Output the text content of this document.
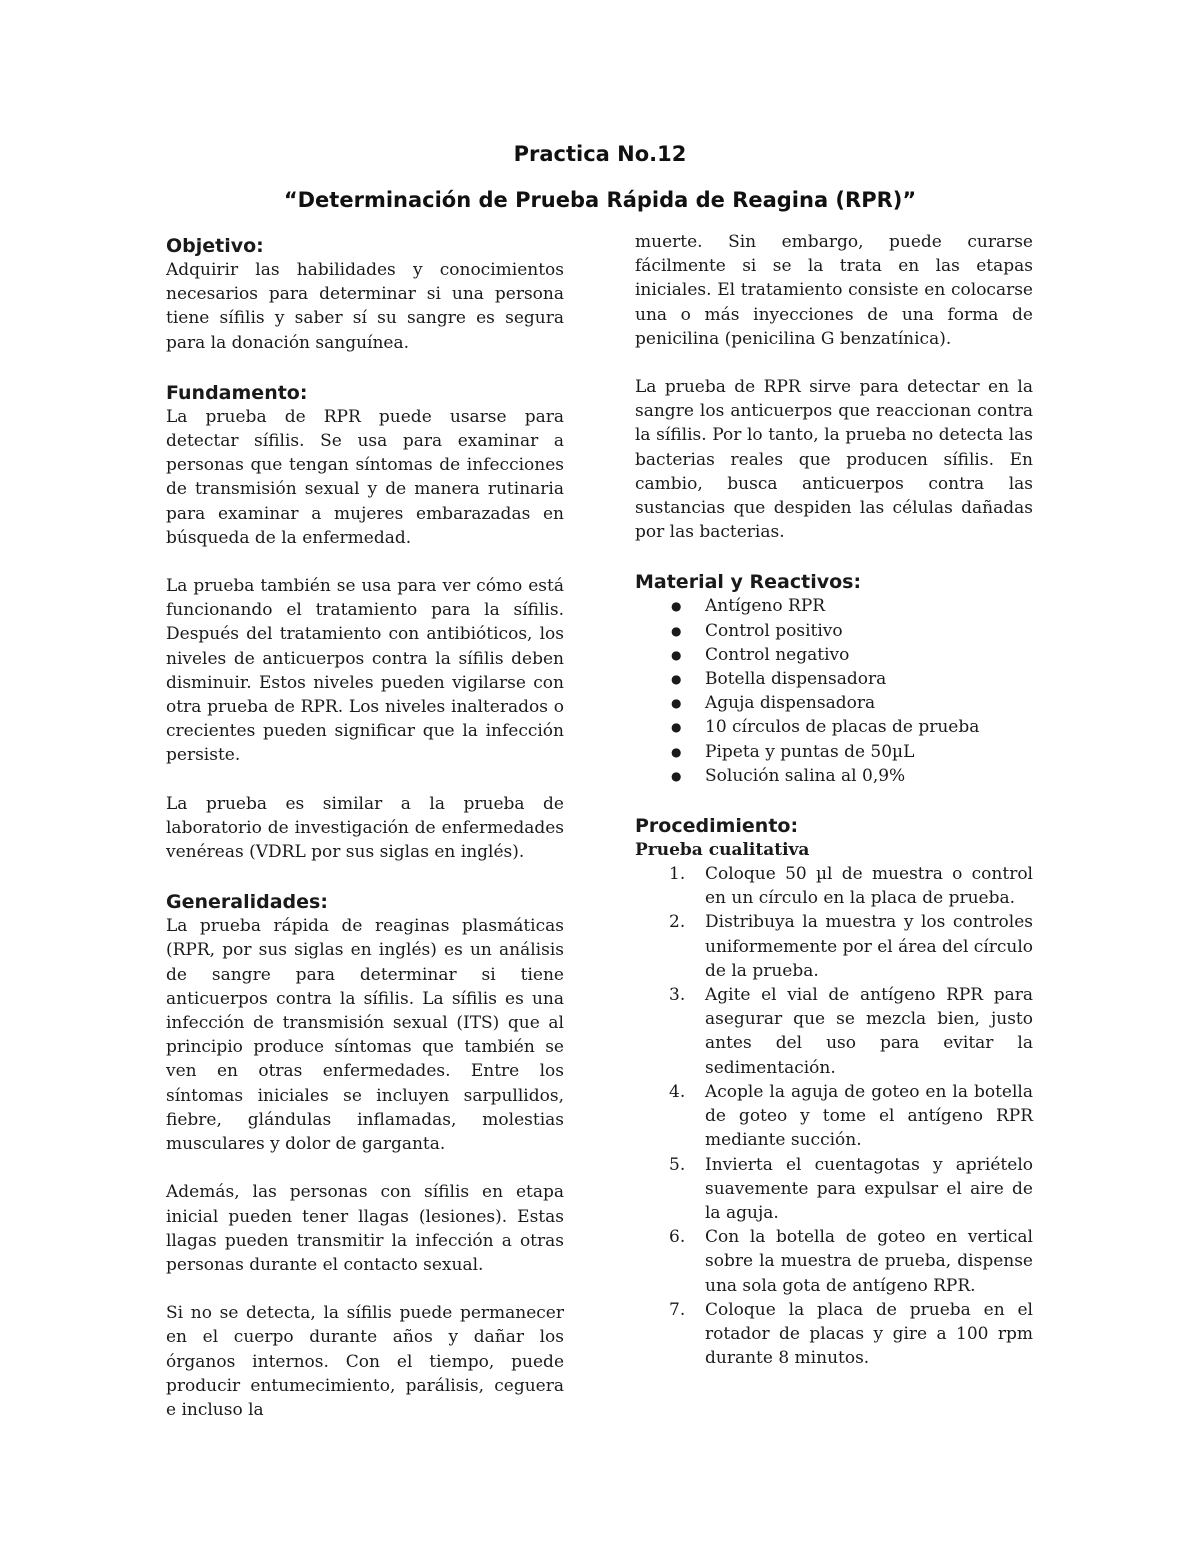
Practica No.12
“Determinación de Prueba Rápida de Reagina (RPR)”
Objetivo:

Adquirir las habilidades y conocimientos necesarios para determinar si una persona tiene sífilis y saber sí su sangre es segura para la donación sanguínea.

Fundamento:

La prueba de RPR puede usarse para detectar sífilis. Se usa para examinar a personas que tengan síntomas de infecciones de transmisión sexual y de manera rutinaria para examinar a mujeres embarazadas en búsqueda de la enfermedad.

La prueba también se usa para ver cómo está funcionando el tratamiento para la sífilis. Después del tratamiento con antibióticos, los niveles de anticuerpos contra la sífilis deben disminuir. Estos niveles pueden vigilarse con otra prueba de RPR. Los niveles inalterados o crecientes pueden significar que la infección persiste.

La prueba es similar a la prueba de laboratorio de investigación de enfermedades venéreas (VDRL por sus siglas en inglés).

Generalidades:

La prueba rápida de reaginas plasmáticas (RPR, por sus siglas en inglés) es un análisis de sangre para determinar si tiene anticuerpos contra la sífilis. La sífilis es una infección de transmisión sexual (ITS) que al principio produce síntomas que también se ven en otras enfermedades. Entre los síntomas iniciales se incluyen sarpullidos, fiebre, glándulas inflamadas, molestias musculares y dolor de garganta.

Además, las personas con sífilis en etapa inicial pueden tener llagas (lesiones). Estas llagas pueden transmitir la infección a otras personas durante el contacto sexual.

Si no se detecta, la sífilis puede permanecer en el cuerpo durante años y dañar los órganos internos. Con el tiempo, puede producir entumecimiento, parálisis, ceguera e incluso la

muerte. Sin embargo, puede curarse fácilmente si se la trata en las etapas iniciales. El tratamiento consiste en colocarse una o más inyecciones de una forma de penicilina (penicilina G benzatínica).

La prueba de RPR sirve para detectar en la sangre los anticuerpos que reaccionan contra la sífilis. Por lo tanto, la prueba no detecta las bacterias reales que producen sífilis. En cambio, busca anticuerpos contra las sustancias que despiden las células dañadas por las bacterias.

Material y Reactivos:
● Antígeno RPR
● Control positivo
● Control negativo
● Botella dispensadora
● Aguja dispensadora
● 10 círculos de placas de prueba
● Pipeta y puntas de 50µL
● Solución salina al 0,9%
Procedimiento:
Prueba cualitativa
1. Coloque 50 µl de muestra o control en un círculo en la placa de prueba.
2. Distribuya la muestra y los controles uniformemente por el área del círculo de la prueba.
3. Agite el vial de antígeno RPR para asegurar que se mezcla bien, justo antes del uso para evitar la sedimentación.
4. Acople la aguja de goteo en la botella de goteo y tome el antígeno RPR mediante succión.
5. Invierta el cuentagotas y apriételo suavemente para expulsar el aire de la aguja.
6. Con la botella de goteo en vertical sobre la muestra de prueba, dispense una sola gota de antígeno RPR.
7. Coloque la placa de prueba en el rotador de placas y gire a 100 rpm durante 8 minutos.
